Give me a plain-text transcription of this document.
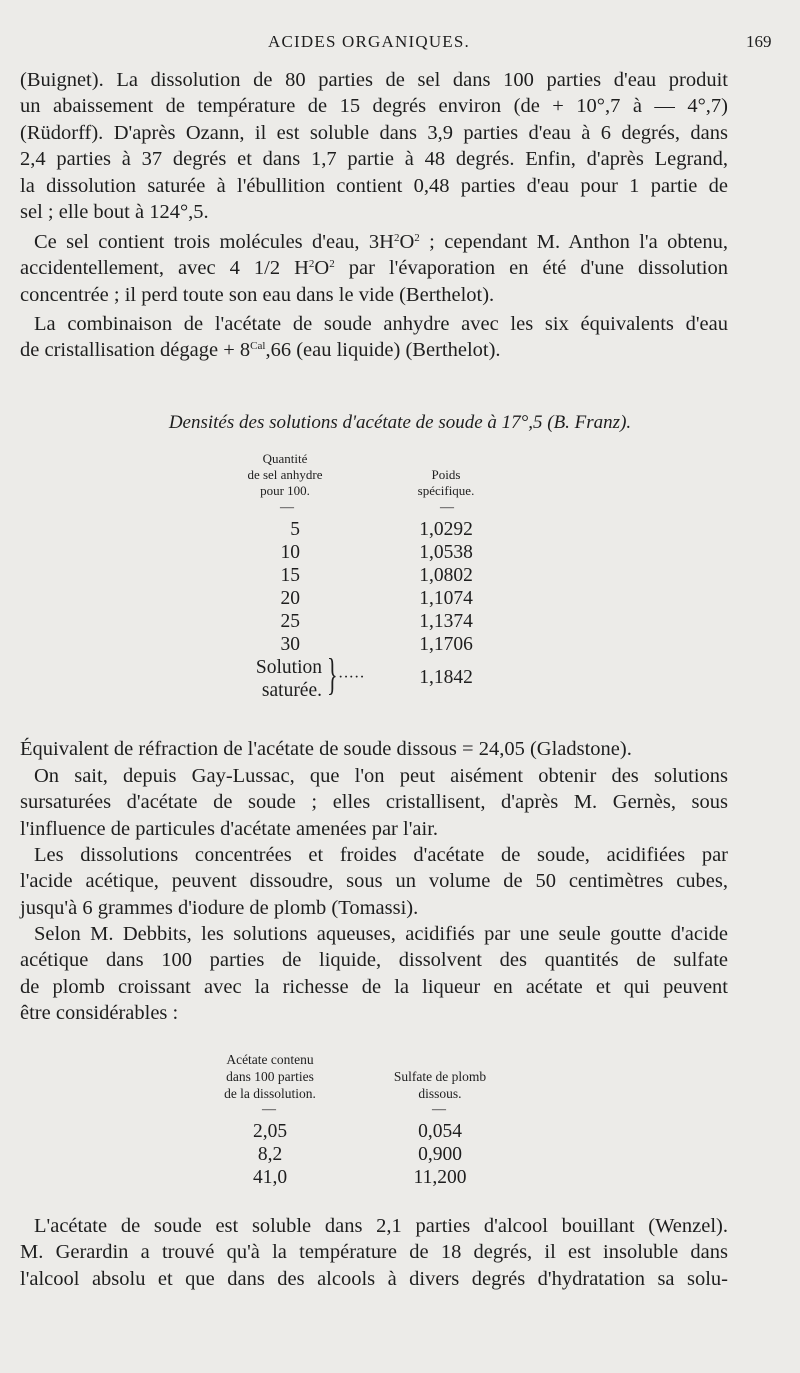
ACIDES ORGANIQUES.	169
(Buignet). La dissolution de 80 parties de sel dans 100 parties d'eau produit
un abaissement de température de 15 degrés environ (de + 10°,7 à — 4°,7)
(Rüdorff). D'après Ozann, il est soluble dans 3,9 parties d'eau à 6 degrés, dans
2,4 parties à 37 degrés et dans 1,7 partie à 48 degrés. Enfin, d'après Legrand,
la dissolution saturée à l'ébullition contient 0,48 parties d'eau pour 1 partie de
sel ; elle bout à 124°,5.
Ce sel contient trois molécules d'eau, $3H^2O^2$ ; cependant M. Anthon l'a obtenu,
accidentellement, avec 4 1/2 $H^2O^2$ par l'évaporation en été d'une dissolution
concentrée ; il perd toute son eau dans le vide (Berthelot).
La combinaison de l'acétate de soude anhydre avec les six équivalents d'eau
de cristallisation dégage + $8^{Cal},66$ (eau liquide) (Berthelot).
Densités des solutions d'acétate de soude à 17°,5 (B. Franz).
Quantité
de sel anhydre
pour 100.
Poids
spécifique.
—	—
5	1,0292
10	1,0538
15	1,0802
20	1,1074
25	1,1374
30	1,1706
Solution
saturée. } ·····	1,1842
Équivalent de réfraction de l'acétate de soude dissous = 24,05 (Gladstone).
On sait, depuis Gay-Lussac, que l'on peut aisément obtenir des solutions
sursaturées d'acétate de soude ; elles cristallisent, d'après M. Gernès, sous
l'influence de particules d'acétate amenées par l'air.
Les dissolutions concentrées et froides d'acétate de soude, acidifiées par
l'acide acétique, peuvent dissoudre, sous un volume de 50 centimètres cubes,
jusqu'à 6 grammes d'iodure de plomb (Tomassi).
Selon M. Debbits, les solutions aqueuses, acidifiés par une seule goutte d'acide
acétique dans 100 parties de liquide, dissolvent des quantités de sulfate
de plomb croissant avec la richesse de la liqueur en acétate et qui peuvent
être considérables :
Acétate contenu
dans 100 parties
de la dissolution.
Sulfate de plomb
dissous.
—	—
2,05	0,054
8,2	0,900
41,0	11,200
L'acétate de soude est soluble dans 2,1 parties d'alcool bouillant (Wenzel).
M. Gerardin a trouvé qu'à la température de 18 degrés, il est insoluble dans
l'alcool absolu et que dans des alcools à divers degrés d'hydratation sa solu-
